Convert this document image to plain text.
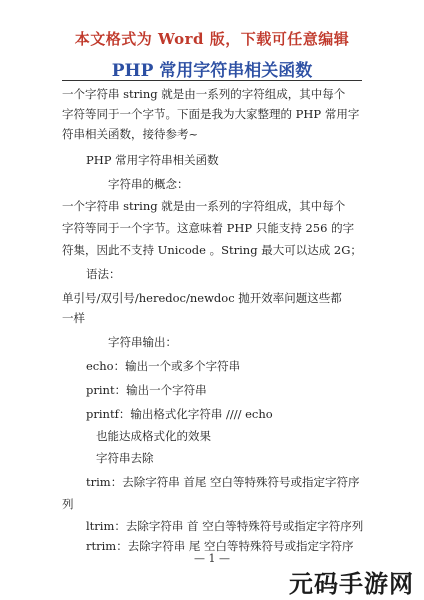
本文格式为 Word 版，下载可任意编辑
PHP 常用字符串相关函数
一个字符串 string 就是由一系列的字符组成，其中每个
字符等同于一个字节。下面是我为大家整理的 PHP 常用字
符串相关函数，接待参考~
PHP 常用字符串相关函数
字符串的概念：
一个字符串 string 就是由一系列的字符组成，其中每个
字符等同于一个字节。这意味着 PHP 只能支持 256 的字
符集，因此不支持 Unicode 。String 最大可以达成 2G；
语法：
单引号/双引号/heredoc/newdoc 抛开效率问题这些都
一样
字符串输出：
echo：输出一个或多个字符串
print：输出一个字符串
printf：输出格式化字符串 //// echo
也能达成格式化的效果
字符串去除
trim：去除字符串 首尾 空白等特殊符号或指定字符序
列
ltrim：去除字符串 首 空白等特殊符号或指定字符序列
rtrim：去除字符串 尾 空白等特殊符号或指定字符序
— 1 —
元码手游网
